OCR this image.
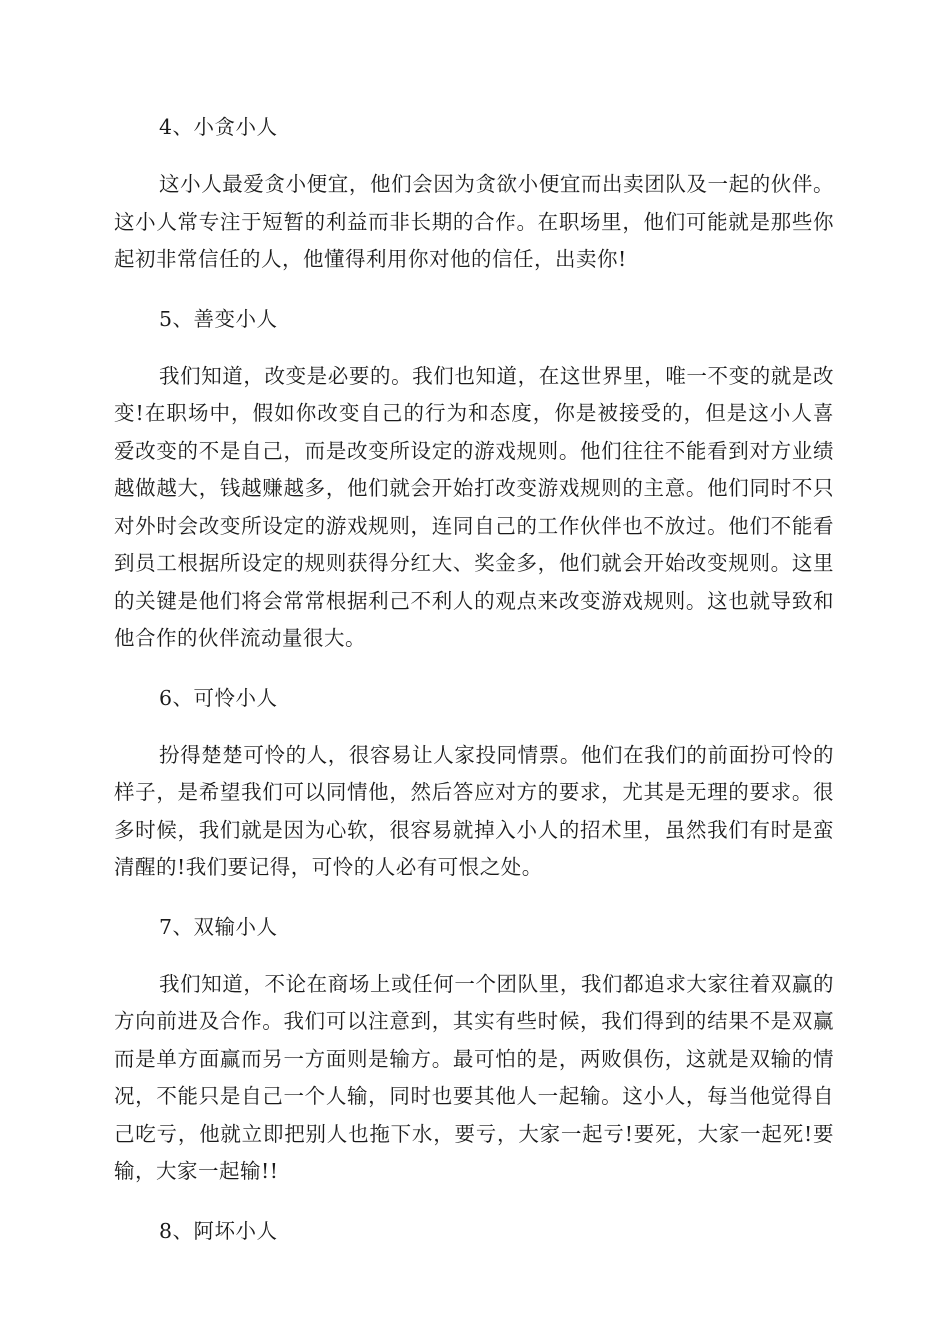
4、小贪小人

这小人最爱贪小便宜，他们会因为贪欲小便宜而出卖团队及一起的伙伴。这小人常专注于短暂的利益而非长期的合作。在职场里，他们可能就是那些你起初非常信任的人，他懂得利用你对他的信任，出卖你!

5、善变小人

我们知道，改变是必要的。我们也知道，在这世界里，唯一不变的就是改变!在职场中，假如你改变自己的行为和态度，你是被接受的，但是这小人喜爱改变的不是自己，而是改变所设定的游戏规则。他们往往不能看到对方业绩越做越大，钱越赚越多，他们就会开始打改变游戏规则的主意。他们同时不只对外时会改变所设定的游戏规则，连同自己的工作伙伴也不放过。他们不能看到员工根据所设定的规则获得分红大、奖金多，他们就会开始改变规则。这里的关键是他们将会常常根据利己不利人的观点来改变游戏规则。这也就导致和他合作的伙伴流动量很大。

6、可怜小人

扮得楚楚可怜的人，很容易让人家投同情票。他们在我们的前面扮可怜的样子，是希望我们可以同情他，然后答应对方的要求，尤其是无理的要求。很多时候，我们就是因为心软，很容易就掉入小人的招术里，虽然我们有时是蛮清醒的!我们要记得，可怜的人必有可恨之处。

7、双输小人

我们知道，不论在商场上或任何一个团队里，我们都追求大家往着双赢的方向前进及合作。我们可以注意到，其实有些时候，我们得到的结果不是双赢而是单方面赢而另一方面则是输方。最可怕的是，两败俱伤，这就是双输的情况，不能只是自己一个人输，同时也要其他人一起输。这小人，每当他觉得自己吃亏，他就立即把别人也拖下水，要亏，大家一起亏!要死，大家一起死!要输，大家一起输!!

8、阿坏小人
